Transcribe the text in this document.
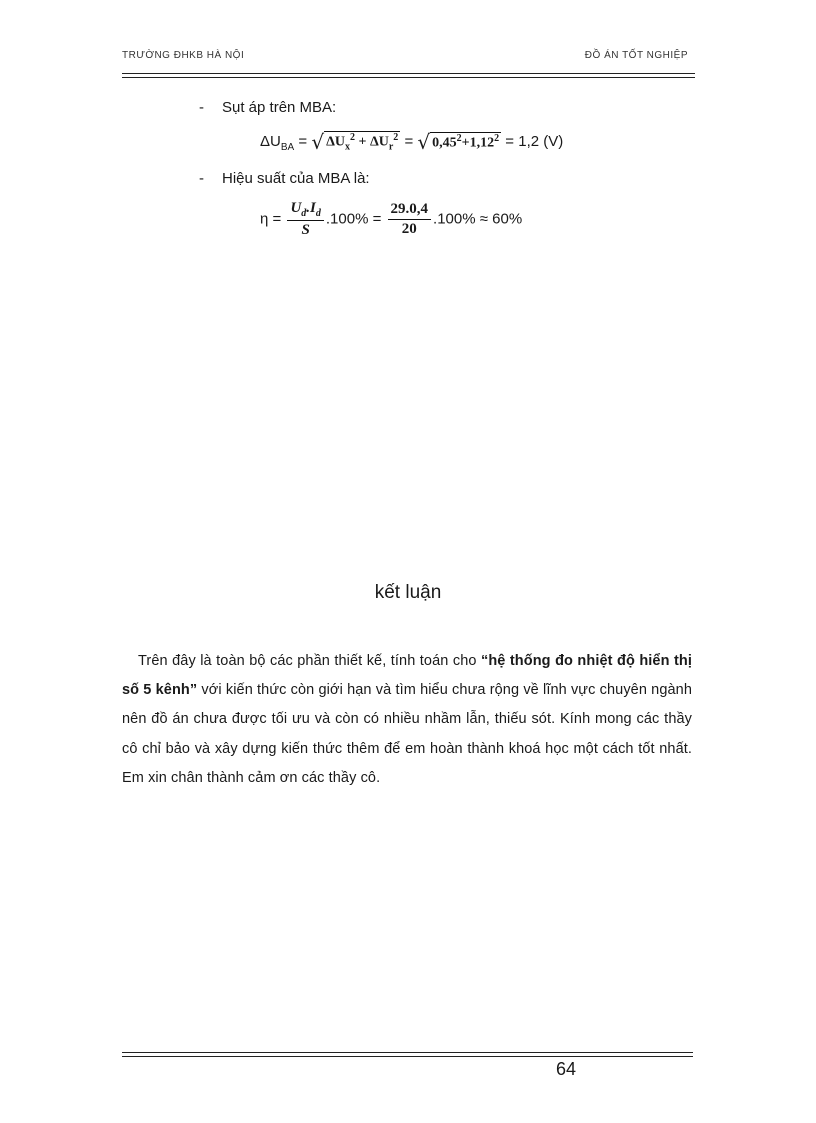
TRƯỜNG ĐHKB HÀ NỘI	ĐỒ ÁN TỐT NGHIỆP
- Sụt áp trên MBA:
$\Delta U_{BA}$ = √ $\Delta U_x^2 + \Delta U_r^2$ = √ $0,45^2+1,12^2 = 1,2$ (V)
- Hiệu suất của MBA là:
$\eta = \frac{U_d.I_d}{S} .100\% = \frac{29.0,4}{20} .100\% \approx 60\%$
kết luận
Trên đây là toàn bộ các phần thiết kế, tính toán cho “hệ thống đo nhiệt độ hiển thị số 5 kênh” với kiến thức còn giới hạn và tìm hiểu chưa rộng về lĩnh vực chuyên ngành nên đồ án chưa được tối ưu và còn có nhiều nhầm lẫn, thiếu sót. Kính mong các thầy cô chỉ bảo và xây dựng kiến thức thêm để em hoàn thành khoá học một cách tốt nhất. Em xin chân thành cảm ơn các thầy cô.
64
